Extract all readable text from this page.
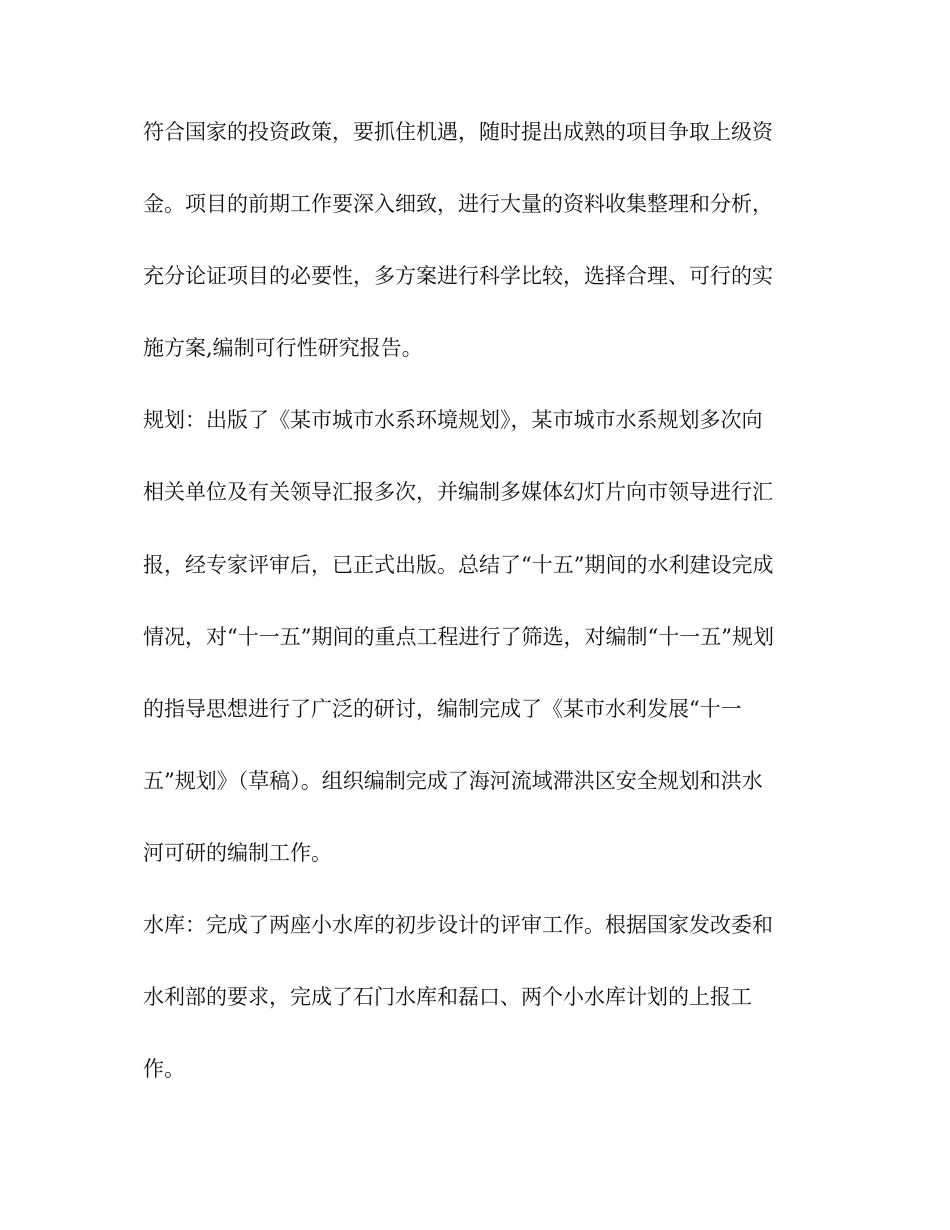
符合国家的投资政策，要抓住机遇，随时提出成熟的项目争取上级资
金。项目的前期工作要深入细致，进行大量的资料收集整理和分析，
充分论证项目的必要性，多方案进行科学比较，选择合理、可行的实
施方案,编制可行性研究报告。
规划：出版了《某市城市水系环境规划》，某市城市水系规划多次向
相关单位及有关领导汇报多次，并编制多媒体幻灯片向市领导进行汇
报，经专家评审后，已正式出版。总结了“十五”期间的水利建设完成
情况，对“十一五”期间的重点工程进行了筛选，对编制“十一五”规划
的指导思想进行了广泛的研讨，编制完成了《某市水利发展“十一
五”规划》（草稿）。组织编制完成了海河流域滞洪区安全规划和洪水
河可研的编制工作。
水库：完成了两座小水库的初步设计的评审工作。根据国家发改委和
水利部的要求，完成了石门水库和磊口、两个小水库计划的上报工
作。
